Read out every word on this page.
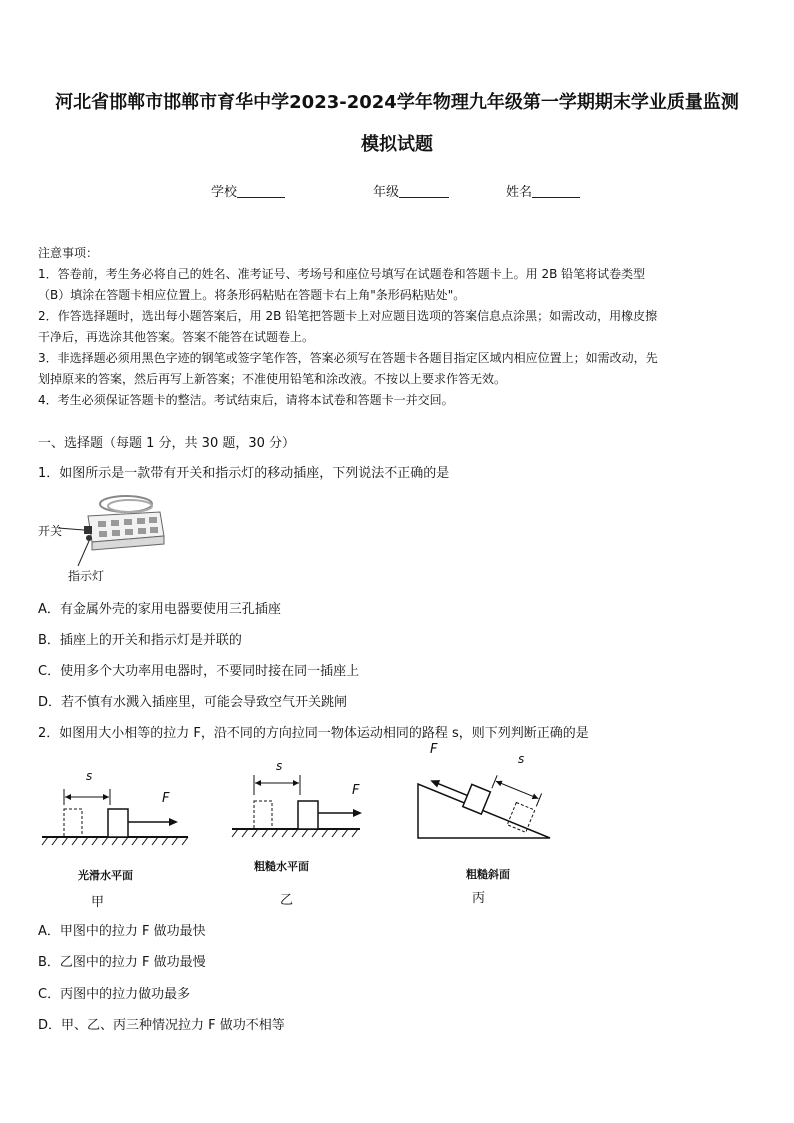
河北省邯郸市邯郸市育华中学2023-2024学年物理九年级第一学期期末学业质量监测
模拟试题
学校	年级	姓名
注意事项：
1．答卷前，考生务必将自己的姓名、准考证号、考场号和座位号填写在试题卷和答题卡上。用 2B 铅笔将试卷类型
（B）填涂在答题卡相应位置上。将条形码粘贴在答题卡右上角"条形码粘贴处"。
2．作答选择题时，选出每小题答案后，用 2B 铅笔把答题卡上对应题目选项的答案信息点涂黑；如需改动，用橡皮擦
干净后，再选涂其他答案。答案不能答在试题卷上。
3．非选择题必须用黑色字迹的钢笔或签字笔作答，答案必须写在答题卡各题目指定区域内相应位置上；如需改动，先
划掉原来的答案，然后再写上新答案；不准使用铅笔和涂改液。不按以上要求作答无效。
4．考生必须保证答题卡的整洁。考试结束后，请将本试卷和答题卡一并交回。
一、选择题（每题 1 分，共 30 题，30 分）
1．如图所示是一款带有开关和指示灯的移动插座，下列说法不正确的是
开关
指示灯
A．有金属外壳的家用电器要使用三孔插座
B．插座上的开关和指示灯是并联的
C．使用多个大功率用电器时，不要同时接在同一插座上
D．若不慎有水溅入插座里，可能会导致空气开关跳闸
2．如图用大小相等的拉力 F，沿不同的方向拉同一物体运动相同的路程 s，则下列判断正确的是
s
F
光滑水平面
甲
s
F
粗糙水平面
乙
F
s
粗糙斜面
丙
A．甲图中的拉力 F 做功最快
B．乙图中的拉力 F 做功最慢
C．丙图中的拉力做功最多
D．甲、乙、丙三种情况拉力 F 做功不相等
